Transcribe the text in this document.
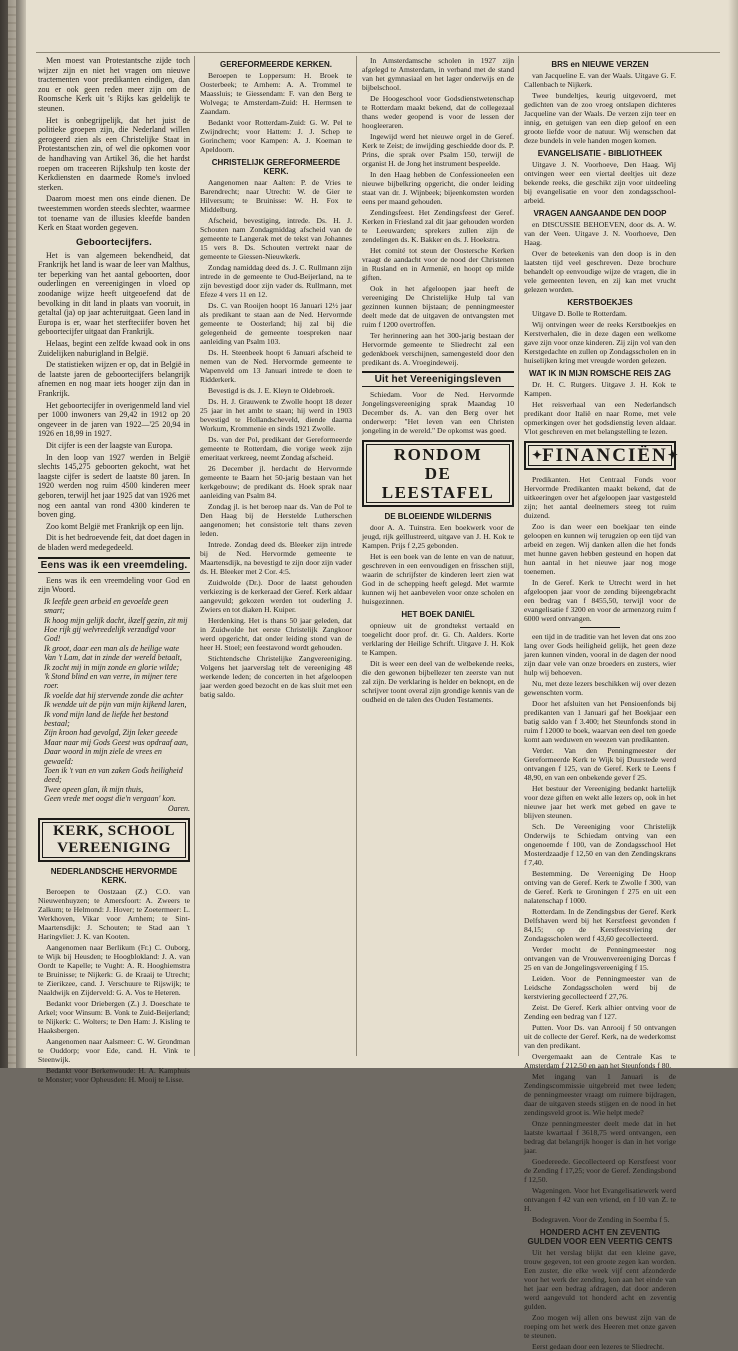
Men moest van Protestantsche zijde toch wijzer zijn en niet het vragen om nieuwe tractementen voor predikanten eindigen, dan zou er ook geen reden meer zijn om de Roomsche Kerk uit 's Rijks kas geldelijk te steunen.

Het is onbegrijpelijk, dat het juist de politieke groepen zijn, die Nederland willen gerogeerd zien als een Christelijke Staat in Protestantschen zin, of wel die opkomen voor de handhaving van Artikel 36, die het hardst roepen om traceeren Rijkshulp ten koste der Kerkdiensten en daarmede Rome's invloed sterken.

Daarom moest men ons einde dienen. De tweestemmen worden steeds slechter, waarmee tot toename van de illusies kleefde banden Kerk en Staat worden gegeven.

Geboortecijfers.

Het is van algemeen bekendheid, dat Frankrijk het land is waar de leer van Malthus, ter beperking van het aantal geboorten, door ouderlingen en vereenigingen in vloed op zoodanige wijze heeft uitgeoefend dat de bevolking in dit land in plaats van vooruit, in getaltal (ja) op jaar achteruitgaat. Geen land in Europa is er, waar het sterfteciifer boven het geboortecijfer uitgaat dan Frankrijk.

Helaas, begint een zelfde kwaad ook in ons Zuidelijken naburigland in België.

De statistieken wijzen er op, dat in België in de laatste jaren de geboortecijfers belangrijk afnemen en nog maar iets hooger zijn dan in Frankrijk.

Het geboortecijfer in overigenmeld land viel per 1000 inwoners van 29,42 in 1912 op 20 ongeveer in de jaren van 1922—'25 20,94 in 1926 en 18,99 in 1927.

Dit cijfer is een der laagste van Europa.

In den loop van 1927 werden in België slechts 145,275 geboorten gekocht, wat het laagste cijfer is sedert de laatste 80 jaren. In 1920 werden nog ruim 4500 kinderen meer geboren, terwijl het jaar 1925 dat van 1926 met nog een aantal van rond 4300 kinderen te boven ging.

Zoo komt België met Frankrijk op een lijn.

Dit is het bedroevende feit, dat doet dagen in de bladen werd medegedeeld.

Eens was ik een vreemdeling.

Eens was ik een vreemdeling voor God en zijn Woord.

Ik leefde geen arbeid en gevoelde geen smart;
Ik hoog mijn gelijk dacht, ikzelf gezin, zit mij
Hoe rijk gij welvreedelijk verzadigd voor God!
Ik groot, daar een man als de heilige wate
Van 't Lam, dat in zinde der wereld betaalt,
Ik zocht mij in mijn zonde en glorie wilde;
'k Stond blind en van verre, in mijner tere roer.
Ik voelde dat hij stervende zonde die achter
Ik wendde uit de pijn van mijn kijkend laren,
Ik vond mijn land de liefde het bestond bestaal;
Zijn kroon had gevolgd, Zijn leker geeede
Maar naar mij Gods Geest was opdraaf aan,
Daar woord in mijn ziele de vrees en gewaeld:
Toen ik 't van en van zaken Gods heiligheid deed;
Twee opeen glan, ik mijn thuis,
Geen vrede met oogst die'n vergaan' kon.
Oaren.
KERK, SCHOOL
VEREENIGING
NEDERLANDSCHE HERVORMDE KERK.

Beroepen te Oostzaan (Z.) C.O. van Nieuwenhuyzen; te Amersfoort: A. Zweers te Zalkum; te Helmond: J. Hover; te Zoetermeer: L. Werkhoven, Vikar voor Arnhem; te Sint-Maartensdijk: J. Schouten; te Stad aan 't Haringvliet: J. K. van Kooten.

Aangenomen naar Berlikum (Fr.) C. Ouborg, te Wijk bij Heusden; te Hoogblokland: J. A. van Oordt te Kapelle; te Vught: A. R. Hooghiemstra te Bruinisse; te Nijkerk: G. de Kraaij te Utrecht; te Zierikzee, cand. J. Verschuure te Rijswijk; te Naaldwijk en Zijderveld: G. A. Vos te Heteren.

Bedankt voor Driebergen (Z.) J. Doeschate te Arkel; voor Winsum: B. Vonk te Zuid-Beijerland; te Nijkerk: C. Wolters; te Den Ham: J. Kisling te Haaksbergen.

Aangenomen naar Aalsmeer: C. W. Grondman te Ouddorp; voor Ede, cand. H. Vink te Steenwijk.

Bedankt voor Berkenwoude: H. A. Kamphuis te Monster; voor Opheusden: H. Mooij te Lisse.

GEREFORMEERDE KERKEN.

Beroepen te Loppersum: H. Broek te Oosterbeek; te Arnhem: A. A. Trommel te Maassluis; te Giessendam: F. van den Berg te Wolvega; te Amsterdam-Zuid: H. Hermsen te Zaandam.

Bedankt voor Rotterdam-Zuid: G. W. Pel te Zwijndrecht; voor Hattem: J. J. Schep te Gorinchem; voor Kampen: A. J. Koeman te Apeldoorn.

CHRISTELIJK GEREFORMEERDE KERK.

Aangenomen naar Aalten: P. de Vries te Barendrecht; naar Utrecht: W. de Gier te Hilversum; te Bruinisse: W. H. Fox te Middelburg.

Afscheid, bevestiging, intrede. Ds. H. J. Schouten nam Zondagmiddag afscheid van de gemeente te Langerak met de tekst van Johannes 15 vers 8. Ds. Schouten vertrekt naar de gemeente te Giessen-Nieuwkerk.

Zondag namiddag deed ds. J. C. Rullmann zijn intrede in de gemeente te Oud-Beijerland, na te zijn bevestigd door zijn vader ds. Rullmann, met Efeze 4 vers 11 en 12.

Ds. C. van Rooijen hoopt 16 Januari 12½ jaar als predikant te staan aan de Ned. Hervormde gemeente te Oosterland; hij zal bij die gelegenheid de gemeente toespreken naar aanleiding van Psalm 103.

Ds. H. Steenbeek hoopt 6 Januari afscheid te nemen van de Ned. Hervormde gemeente te Wapenveld om 13 Januari intrede te doen te Ridderkerk.

Bevestigd is ds. J. E. Kleyn te Oldebroek.

Ds. H. J. Grauwenk te Zwolle hoopt 18 dezer 25 jaar in het ambt te staan; hij werd in 1903 bevestigd te Hollandscheveld, diende daarna Workum, Krommenie en sinds 1921 Zwolle.

Ds. van der Pol, predikant der Gereformeerde gemeente te Rotterdam, die vorige week zijn emeritaat verkreeg, neemt Zondag afscheid.

26 December jl. herdacht de Hervormde gemeente te Baarn het 50-jarig bestaan van het kerkgebouw; de predikant ds. Hoek sprak naar aanleiding van Psalm 84.

Zondag jl. is het beroep naar ds. Van de Pol te Den Haag bij de Herstelde Lutherschen aangenomen; het consistorie telt thans zeven leden.

Intrede. Zondag deed ds. Bleeker zijn intrede bij de Ned. Hervormde gemeente te Maartensdijk, na bevestigd te zijn door zijn vader ds. H. Bleeker met 2 Cor. 4:5.

Zuidwolde (Dr.). Door de laatst gehouden verkiezing is de kerkeraad der Geref. Kerk aldaar aangevuld; gekozen werden tot ouderling J. Zwiers en tot diaken H. Kuiper.

Herdenking. Het is thans 50 jaar geleden, dat in Zuidwolde het eerste Christelijk Zangkoor werd opgericht, dat onder leiding stond van de heer H. Stoel; een feestavond wordt gehouden.

Stichtendsche Christelijke Zangvereeniging. Volgens het jaarverslag telt de vereeniging 48 werkende leden; de concerten in het afgeloopen jaar werden goed bezocht en de kas sluit met een batig saldo.

In Amsterdamsche scholen in 1927 zijn afgelegd te Amsterdam, in verband met de stand van het gymnasiaal en het lager onderwijs en de bijbelschool.

De Hoogeschool voor Godsdienstwetenschap te Rotterdam maakt bekend, dat de collegezaal thans weder geopend is voor de lessen der hoogleeraren.

Ingewijd werd het nieuwe orgel in de Geref. Kerk te Zeist; de inwijding geschiedde door ds. P. Prins, die sprak over Psalm 150, terwijl de organist H. de Jong het instrument bespeelde.

In den Haag hebben de Confessioneelen een nieuwe bijbelkring opgericht, die onder leiding staat van dr. J. Wijnbeek; bijeenkomsten worden eens per maand gehouden.

Zendingsfeest. Het Zendingsfeest der Geref. Kerken in Friesland zal dit jaar gehouden worden te Leeuwarden; sprekers zullen zijn de zendelingen ds. K. Bakker en ds. J. Hoekstra.

Het comité tot steun der Oostersche Kerken vraagt de aandacht voor de nood der Christenen in Rusland en in Armenië, en hoopt op milde giften.

Ook in het afgeloopen jaar heeft de vereeniging De Christelijke Hulp tal van gezinnen kunnen bijstaan; de penningmeester deelt mede dat de uitgaven de ontvangsten met ruim f 1200 overtroffen.

Ter herinnering aan het 300-jarig bestaan der Hervormde gemeente te Sliedrecht zal een gedenkboek verschijnen, samengesteld door den predikant ds. A. Vroegindeweij.

Uit het Vereenigingsleven

Schiedam. Voor de Ned. Hervormde Jongelingsvereeniging sprak Maandag 10 December ds. A. van den Berg over het onderwerp: "Het leven van een Christen jongeling in de wereld." De opkomst was goed.

RONDOM
DE LEESTAFEL
DE BLOEIENDE WILDERNIS

door A. A. Tuinstra. Een boekwerk voor de jeugd, rijk geïllustreerd, uitgave van J. H. Kok te Kampen. Prijs f 2,25 gebonden.

Het is een boek van de lente en van de natuur, geschreven in een eenvoudigen en frisschen stijl, waarin de schrijfster de kinderen leert zien wat God in de schepping heeft gelegd. Met warmte kunnen wij het aanbevelen voor onze scholen en huisgezinnen.

HET BOEK DANIËL

opnieuw uit de grondtekst vertaald en toegelicht door prof. dr. G. Ch. Aalders. Korte verklaring der Heilige Schrift. Uitgave J. H. Kok te Kampen.

Dit is weer een deel van de welbekende reeks, die den gewonen bijbellezer ten zeerste van nut zal zijn. De verklaring is helder en beknopt, en de schrijver toont overal zijn grondige kennis van de oudheid en de talen des Ouden Testaments.

BRS en NIEUWE VERZEN

van Jacqueline E. van der Waals. Uitgave G. F. Callenbach te Nijkerk.

Twee bundeltjes, keurig uitgevoerd, met gedichten van de zoo vroeg ontslapen dichteres Jacqueline van der Waals. De verzen zijn teer en innig, en getuigen van een diep geloof en een groote liefde voor de natuur. Wij wenschen dat deze bundels in vele handen mogen komen.

EVANGELISATIE - BIBLIOTHEEK

Uitgave J. N. Voorhoeve, Den Haag. Wij ontvingen weer een viertal deeltjes uit deze bekende reeks, die geschikt zijn voor uitdeeling bij evangelisatie en voor den zondagsschool-arbeid.

VRAGEN AANGAANDE DEN DOOP

en DISCUSSIE BEHOEVEN, door ds. A. W. van der Veen. Uitgave J. N. Voorhoeve, Den Haag.

Over de beteekenis van den doop is in den laatsten tijd veel geschreven. Deze brochure behandelt op eenvoudige wijze de vragen, die in vele gemeenten leven, en zij kan met vrucht gelezen worden.

KERSTBOEKJES

Uitgave D. Bolle te Rotterdam.

Wij ontvingen weer de reeks Kerstboekjes en Kerstverhalen, die in deze dagen een welkome gave zijn voor onze kinderen. Zij zijn vol van den Kerstgedachte en zullen op Zondagsscholen en in huiselijken kring met vreugde worden gelezen.

WAT IK IN MIJN ROMSCHE REIS ZAG

Dr. H. C. Rutgers. Uitgave J. H. Kok te Kampen.

Het reisverhaal van een Nederlandsch predikant door Italië en naar Rome, met vele opmerkingen over het godsdienstig leven aldaar. Vlot geschreven en met belangstelling te lezen.

✦ FINANCIËN ✦

Predikanten. Het Centraal Fonds voor Hervormde Predikanten maakt bekend, dat de uitkeeringen over het afgeloopen jaar vastgesteld zijn; het aantal deelnemers steeg tot ruim duizend.

Zoo is dan weer een boekjaar ten einde geloopen en kunnen wij terugzien op een tijd van arbeid en zegen. Wij danken allen die het fonds met hunne gaven hebben gesteund en hopen dat hun aantal in het nieuwe jaar nog moge toenemen.

In de Geref. Kerk te Utrecht werd in het afgeloopen jaar voor de zending bijeengebracht een bedrag van f 8455,50, terwijl voor de evangelisatie f 3200 en voor de armenzorg ruim f 6000 werd ontvangen.

een tijd in de traditie van het leven dat ons zoo lang over Gods heiligheid gelijk, het geen deze jaren kunnen vinden, vooral in de dagen der nood zijn daar vele van onze broeders en zusters, wier hulp wij behoeven.

Nu, met deze lezers beschikken wij over dezen gewenschten vorm.

Door het afsluiten van het Pensioenfonds bij predikanten van 1 Januari gaf het Boekjaar een batig saldo van f 3.400; het Steunfonds stond in ruim f 12000 te boek, waarvan een deel ten goede komt aan weduwen en weezen van predikanten.

Verder. Van den Penningmeester der Gereformeerde Kerk te Wijk bij Duurstede werd ontvangen f 125, van de Geref. Kerk te Leens f 48,90, en van een onbekende gever f 25.

Het bestuur der Vereeniging bedankt hartelijk voor deze giften en wekt alle lezers op, ook in het nieuwe jaar het werk met gebed en gave te blijven steunen.

Sch. De Vereeniging voor Christelijk Onderwijs te Schiedam ontving van een ongenoemde f 100, van de Zondagsschool Het Mosterdzaadje f 12,50 en van den Zendingskrans f 7,40.

Bestemming. De Vereeniging De Hoop ontving van de Geref. Kerk te Zwolle f 300, van de Geref. Kerk te Groningen f 275 en uit een nalatenschap f 1000.

Rotterdam. In de Zendingsbus der Geref. Kerk Delfshaven werd bij het Kerstfeest gevonden f 84,15; op de Kerstfeestviering der Zondagsscholen werd f 43,60 gecollecteerd.

Verder mocht de Penningmeester nog ontvangen van de Vrouwenvereeniging Dorcas f 25 en van de Jongelingsvereeniging f 15.

Leiden. Voor de Penningmeester van de Leidsche Zondagsscholen werd bij de kerstviering gecollecteerd f 27,76.

Zeist. De Geref. Kerk alhier ontving voor de Zending een bedrag van f 127.

Putten. Voor Ds. van Anrooij f 50 ontvangen uit de collecte der Geref. Kerk, na de wederkomst van den predikant.

Overgemaakt aan de Centrale Kas te Amsterdam f 212,50 en aan het Steunfonds f 80.

Met ingang van 1 Januari is de Zendingscommissie uitgebreid met twee leden; de penningmeester vraagt om ruimere bijdragen, daar de uitgaven steeds stijgen en de nood in het zendingsveld groot is. Wie helpt mede?

Onze penningmeester deelt mede dat in het laatste kwartaal f 3618,75 werd ontvangen, een bedrag dat belangrijk hooger is dan in het vorige jaar.

Goedereede. Gecollecteerd op Kerstfeest voor de Zending f 17,25; voor de Geref. Zendingsbond f 12,50.

Wageningen. Voor het Evangelisatiewerk werd ontvangen f 42 van een vriend, en f 10 van Z. te H.

Bodegraven. Voor de Zending in Soemba f 5.

HONDERD ACHT EN ZEVENTIG GULDEN VOOR EEN VEERTIG CENTS

Uit het verslag blijkt dat een kleine gave, trouw gegeven, tot een groote zegen kan worden. Een zuster, die elke week vijf cent afzonderde voor het werk der zending, kon aan het einde van het jaar een bedrag afdragen, dat door anderen werd aangevuld tot honderd acht en zeventig gulden.

Zoo mogen wij allen ons bewust zijn van de roeping om het werk des Heeren met onze gaven te steunen.

Eerst gedaan door een lezeres te Sliedrecht.
